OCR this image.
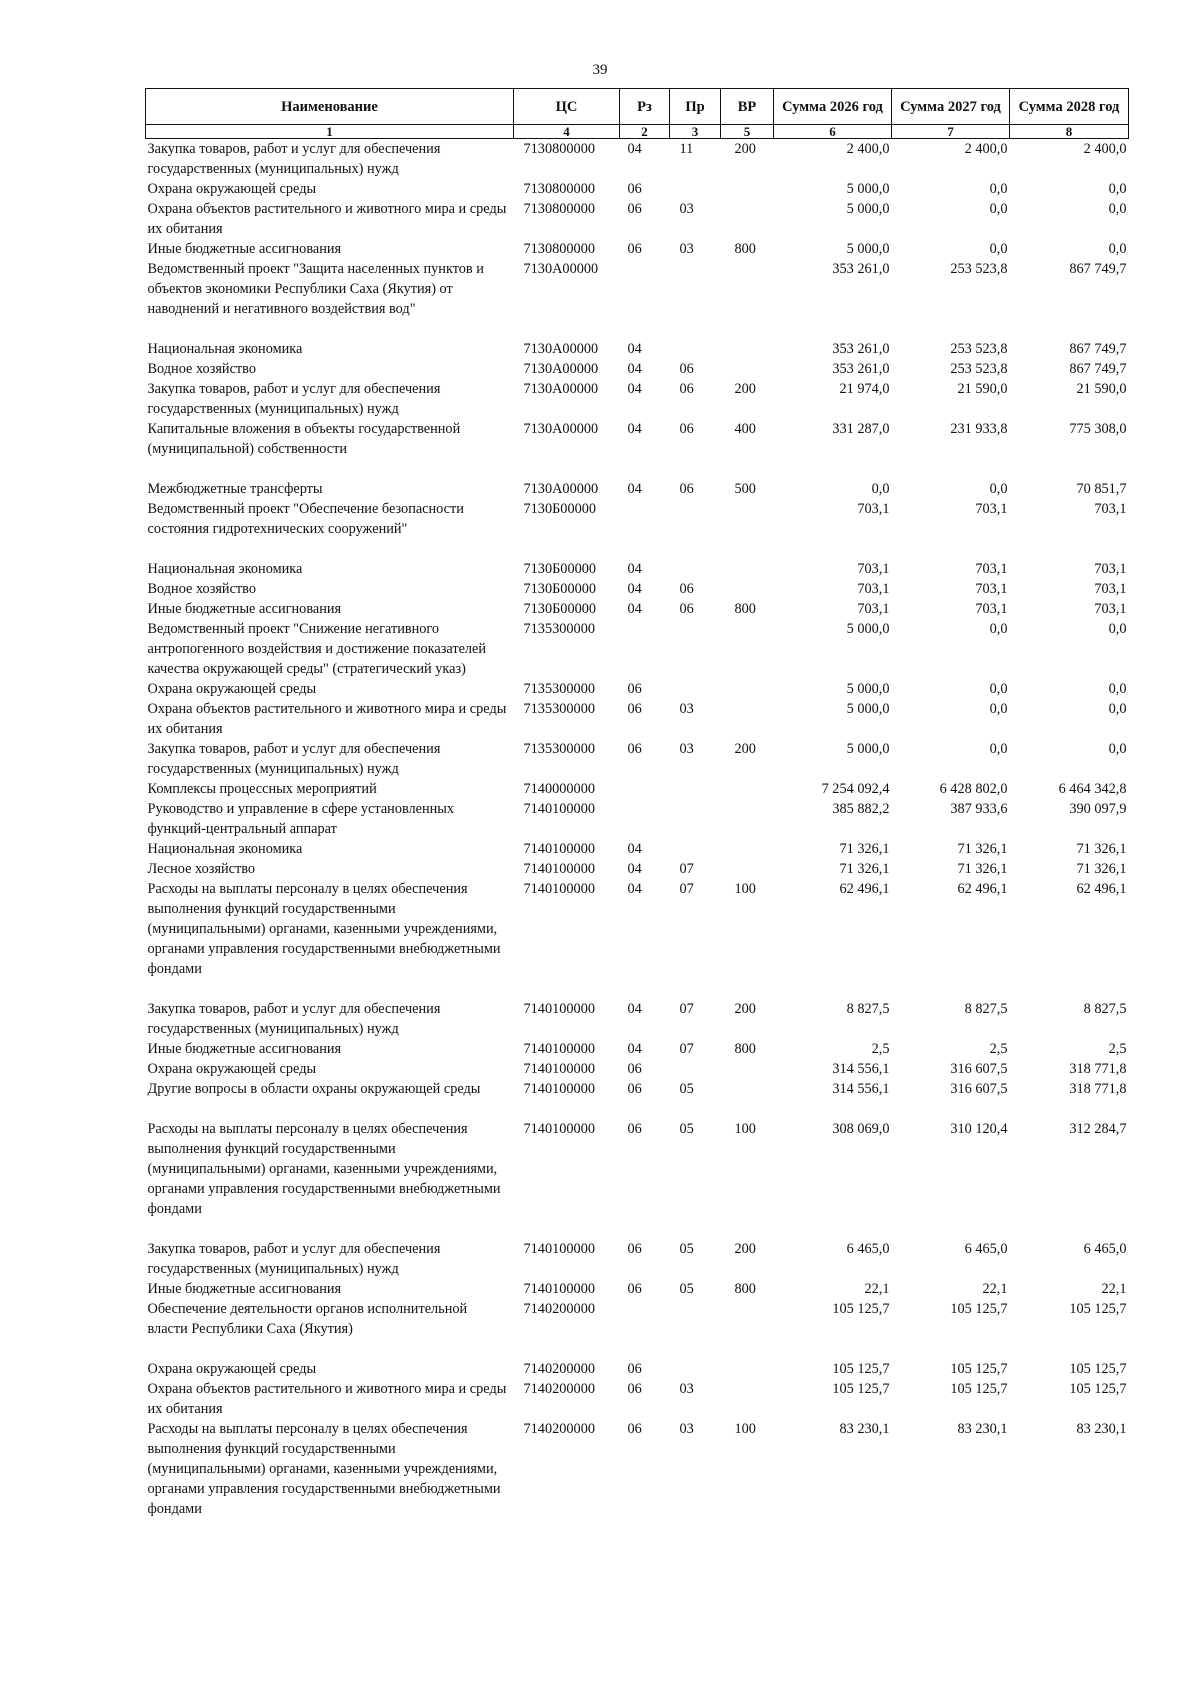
39
Наименование	ЦС	Рз	Пр	ВР	Сумма 2026 год	Сумма 2027 год	Сумма 2028 год
1	4	2	3	5	6	7	8
Закупка товаров, работ и услуг для обеспечения государственных (муниципальных) нужд	7130800000	04	11	200	2 400,0	2 400,0	2 400,0
Охрана окружающей среды	7130800000	06			5 000,0	0,0	0,0
Охрана объектов растительного и животного мира и среды их обитания	7130800000	06	03		5 000,0	0,0	0,0
Иные бюджетные ассигнования	7130800000	06	03	800	5 000,0	0,0	0,0
Ведомственный проект "Защита населенных пунктов и объектов экономики Республики Саха (Якутия) от наводнений и негативного воздействия вод"	7130A00000				353 261,0	253 523,8	867 749,7
Национальная экономика	7130A00000	04			353 261,0	253 523,8	867 749,7
Водное хозяйство	7130A00000	04	06		353 261,0	253 523,8	867 749,7
Закупка товаров, работ и услуг для обеспечения государственных (муниципальных) нужд	7130A00000	04	06	200	21 974,0	21 590,0	21 590,0
Капитальные вложения в объекты государственной (муниципальной) собственности	7130A00000	04	06	400	331 287,0	231 933,8	775 308,0
Межбюджетные трансферты	7130A00000	04	06	500	0,0	0,0	70 851,7
Ведомственный проект "Обеспечение безопасности состояния гидротехнических сооружений"	7130Б00000				703,1	703,1	703,1
Национальная экономика	7130Б00000	04			703,1	703,1	703,1
Водное хозяйство	7130Б00000	04	06		703,1	703,1	703,1
Иные бюджетные ассигнования	7130Б00000	04	06	800	703,1	703,1	703,1
Ведомственный проект "Снижение негативного антропогенного воздействия и достижение показателей качества окружающей среды" (стратегический указ)	7135300000				5 000,0	0,0	0,0
Охрана окружающей среды	7135300000	06			5 000,0	0,0	0,0
Охрана объектов растительного и животного мира и среды их обитания	7135300000	06	03		5 000,0	0,0	0,0
Закупка товаров, работ и услуг для обеспечения государственных (муниципальных) нужд	7135300000	06	03	200	5 000,0	0,0	0,0
Комплексы процессных мероприятий	7140000000				7 254 092,4	6 428 802,0	6 464 342,8
Руководство и управление в сфере установленных функций-центральный аппарат	7140100000				385 882,2	387 933,6	390 097,9
Национальная экономика	7140100000	04			71 326,1	71 326,1	71 326,1
Лесное хозяйство	7140100000	04	07		71 326,1	71 326,1	71 326,1
Расходы на выплаты персоналу в целях обеспечения выполнения функций государственными (муниципальными) органами, казенными учреждениями, органами управления государственными внебюджетными фондами	7140100000	04	07	100	62 496,1	62 496,1	62 496,1
Закупка товаров, работ и услуг для обеспечения государственных (муниципальных) нужд	7140100000	04	07	200	8 827,5	8 827,5	8 827,5
Иные бюджетные ассигнования	7140100000	04	07	800	2,5	2,5	2,5
Охрана окружающей среды	7140100000	06			314 556,1	316 607,5	318 771,8
Другие вопросы в области охраны окружающей среды	7140100000	06	05		314 556,1	316 607,5	318 771,8
Расходы на выплаты персоналу в целях обеспечения выполнения функций государственными (муниципальными) органами, казенными учреждениями, органами управления государственными внебюджетными фондами	7140100000	06	05	100	308 069,0	310 120,4	312 284,7
Закупка товаров, работ и услуг для обеспечения государственных (муниципальных) нужд	7140100000	06	05	200	6 465,0	6 465,0	6 465,0
Иные бюджетные ассигнования	7140100000	06	05	800	22,1	22,1	22,1
Обеспечение деятельности органов исполнительной власти Республики Саха (Якутия)	7140200000				105 125,7	105 125,7	105 125,7
Охрана окружающей среды	7140200000	06			105 125,7	105 125,7	105 125,7
Охрана объектов растительного и животного мира и среды их обитания	7140200000	06	03		105 125,7	105 125,7	105 125,7
Расходы на выплаты персоналу в целях обеспечения выполнения функций государственными (муниципальными) органами, казенными учреждениями, органами управления государственными внебюджетными фондами	7140200000	06	03	100	83 230,1	83 230,1	83 230,1
